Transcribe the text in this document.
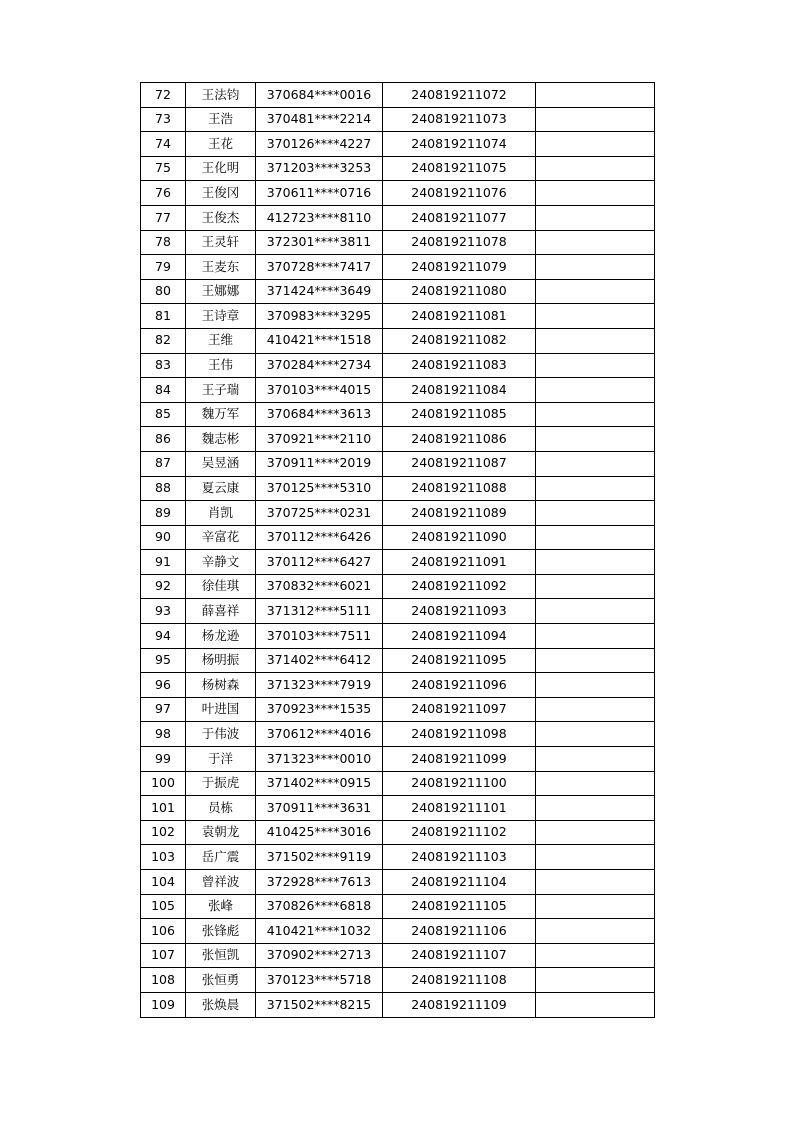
72	王法钧	370684****0016	240819211072	
73	王浩	370481****2214	240819211073	
74	王花	370126****4227	240819211074	
75	王化明	371203****3253	240819211075	
76	王俊冈	370611****0716	240819211076	
77	王俊杰	412723****8110	240819211077	
78	王灵轩	372301****3811	240819211078	
79	王麦东	370728****7417	240819211079	
80	王娜娜	371424****3649	240819211080	
81	王诗章	370983****3295	240819211081	
82	王维	410421****1518	240819211082	
83	王伟	370284****2734	240819211083	
84	王子瑞	370103****4015	240819211084	
85	魏万军	370684****3613	240819211085	
86	魏志彬	370921****2110	240819211086	
87	吴昱涵	370911****2019	240819211087	
88	夏云康	370125****5310	240819211088	
89	肖凯	370725****0231	240819211089	
90	辛富花	370112****6426	240819211090	
91	辛静文	370112****6427	240819211091	
92	徐佳琪	370832****6021	240819211092	
93	薛喜祥	371312****5111	240819211093	
94	杨龙逊	370103****7511	240819211094	
95	杨明振	371402****6412	240819211095	
96	杨树森	371323****7919	240819211096	
97	叶进国	370923****1535	240819211097	
98	于伟波	370612****4016	240819211098	
99	于洋	371323****0010	240819211099	
100	于振虎	371402****0915	240819211100	
101	员栋	370911****3631	240819211101	
102	袁朝龙	410425****3016	240819211102	
103	岳广震	371502****9119	240819211103	
104	曾祥波	372928****7613	240819211104	
105	张峰	370826****6818	240819211105	
106	张锋彪	410421****1032	240819211106	
107	张恒凯	370902****2713	240819211107	
108	张恒勇	370123****5718	240819211108	
109	张焕晨	371502****8215	240819211109	
